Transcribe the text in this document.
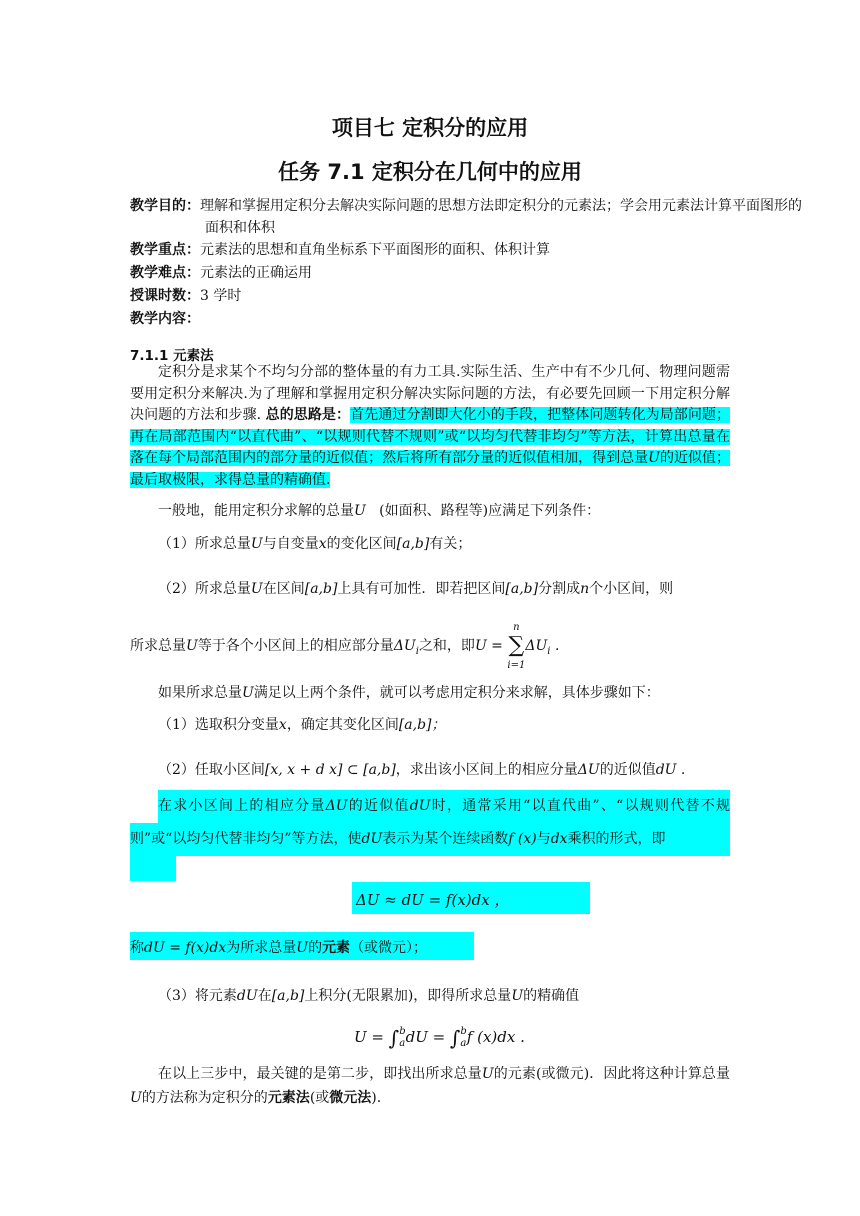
项目七 定积分的应用
任务 7.1 定积分在几何中的应用
教学目的：理解和掌握用定积分去解决实际问题的思想方法即定积分的元素法；学会用元素法计算平面图形的面积和体积
教学重点：元素法的思想和直角坐标系下平面图形的面积、体积计算
教学难点：元素法的正确运用
授课时数：3 学时
教学内容：
7.1.1 元素法
定积分是求某个不均匀分部的整体量的有力工具.实际生活、生产中有不少几何、物理问题需要用定积分来解决.为了理解和掌握用定积分解决实际问题的方法，有必要先回顾一下用定积分解决问题的方法和步骤. 总的思路是：首先通过分割即大化小的手段，把整体问题转化为局部问题；再在局部范围内“以直代曲”、“以规则代替不规则”或“以均匀代替非均匀”等方法，计算出总量在落在每个局部范围内的部分量的近似值；然后将所有部分量的近似值相加，得到总量U的近似值；最后取极限，求得总量的精确值.
一般地，能用定积分求解的总量U (如面积、路程等)应满足下列条件：
（1）所求总量U与自变量x的变化区间[a,b]有关；
（2）所求总量U在区间[a,b]上具有可加性．即若把区间[a,b]分割成n个小区间，则
所求总量U等于各个小区间上的相应部分量$\Delta U_i$之和，即U =
n
∑
i=1
$\Delta U_i$ .
如果所求总量U满足以上两个条件，就可以考虑用定积分来求解，具体步骤如下：
（1）选取积分变量x，确定其变化区间[a,b]；
（2）任取小区间[x, x + d x] ⊂ [a,b]，求出该小区间上的相应分量ΔU的近似值dU .
在求小区间上的相应分量ΔU的近似值dU时，通常采用“以直代曲”、“以规则代替不规则”或“以均匀代替非均匀”等方法，使dU表示为某个连续函数f (x)与dx乘积的形式，即
ΔU ≈ dU = f(x)dx ，
称dU = f(x)dx为所求总量U的元素（或微元）；
（3）将元素dU在[a,b]上积分(无限累加)，即得所求总量U的精确值
U = ∫b
adU = ∫b
af (x)dx .
在以上三步中，最关键的是第二步，即找出所求总量U的元素(或微元)．因此将这种计算总量U的方法称为定积分的元素法(或微元法).
